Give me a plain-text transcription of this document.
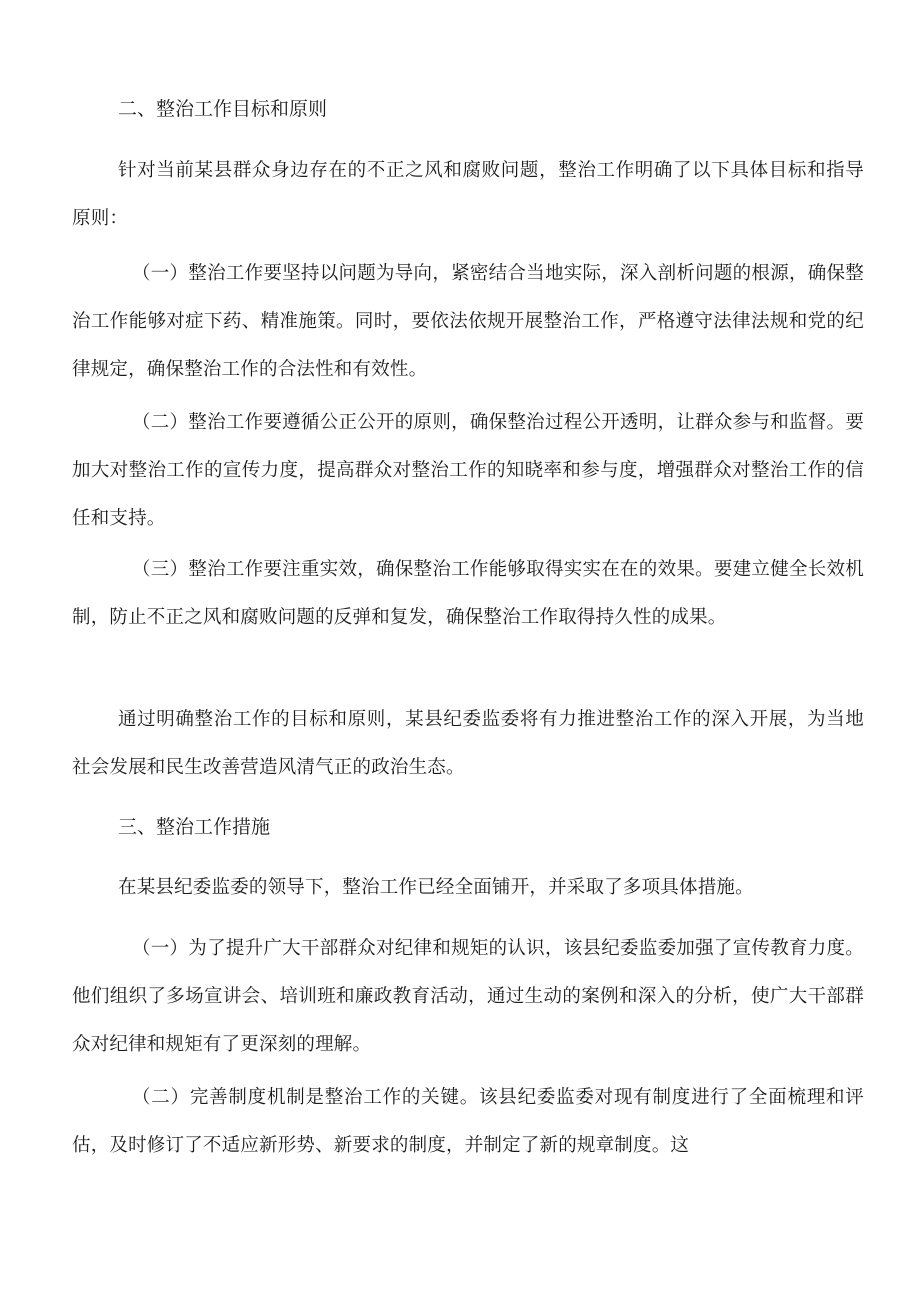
二、整治工作目标和原则

针对当前某县群众身边存在的不正之风和腐败问题，整治工作明确了以下具体目标和指导原则：

（一）整治工作要坚持以问题为导向，紧密结合当地实际，深入剖析问题的根源，确保整治工作能够对症下药、精准施策。同时，要依法依规开展整治工作，严格遵守法律法规和党的纪律规定，确保整治工作的合法性和有效性。

（二）整治工作要遵循公正公开的原则，确保整治过程公开透明，让群众参与和监督。要加大对整治工作的宣传力度，提高群众对整治工作的知晓率和参与度，增强群众对整治工作的信任和支持。

（三）整治工作要注重实效，确保整治工作能够取得实实在在的效果。要建立健全长效机制，防止不正之风和腐败问题的反弹和复发，确保整治工作取得持久性的成果。

通过明确整治工作的目标和原则，某县纪委监委将有力推进整治工作的深入开展，为当地社会发展和民生改善营造风清气正的政治生态。

三、整治工作措施

在某县纪委监委的领导下，整治工作已经全面铺开，并采取了多项具体措施。

（一）为了提升广大干部群众对纪律和规矩的认识，该县纪委监委加强了宣传教育力度。他们组织了多场宣讲会、培训班和廉政教育活动，通过生动的案例和深入的分析，使广大干部群众对纪律和规矩有了更深刻的理解。

（二）完善制度机制是整治工作的关键。该县纪委监委对现有制度进行了全面梳理和评估，及时修订了不适应新形势、新要求的制度，并制定了新的规章制度。这
